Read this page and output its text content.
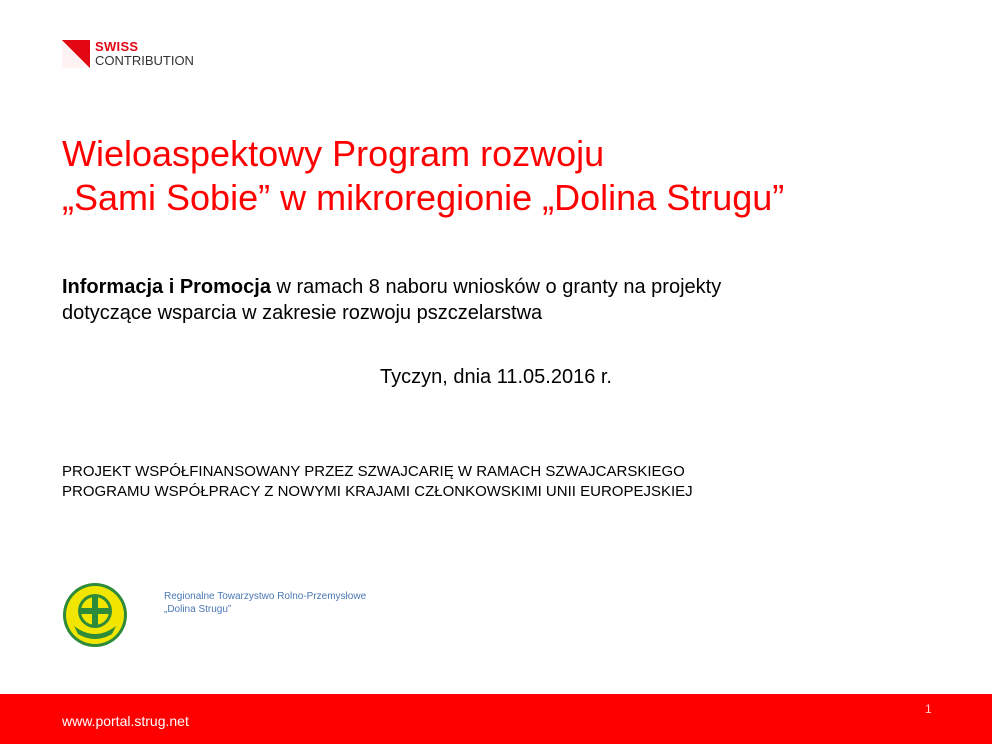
SWISS
CONTRIBUTION
Wieloaspektowy Program rozwoju
„Sami Sobie” w mikroregionie „Dolina Strugu”
Informacja i Promocja w ramach 8 naboru wniosków o granty na projekty
dotyczące wsparcia w zakresie rozwoju pszczelarstwa
Tyczyn, dnia 11.05.2016 r.
PROJEKT WSPÓŁFINANSOWANY PRZEZ SZWAJCARIĘ W RAMACH SZWAJCARSKIEGO
PROGRAMU WSPÓŁPRACY Z NOWYMI KRAJAMI CZŁONKOWSKIMI UNII EUROPEJSKIEJ
Regionalne Towarzystwo Rolno-Przemysłowe
„Dolina Strugu”
www.portal.strug.net
1
